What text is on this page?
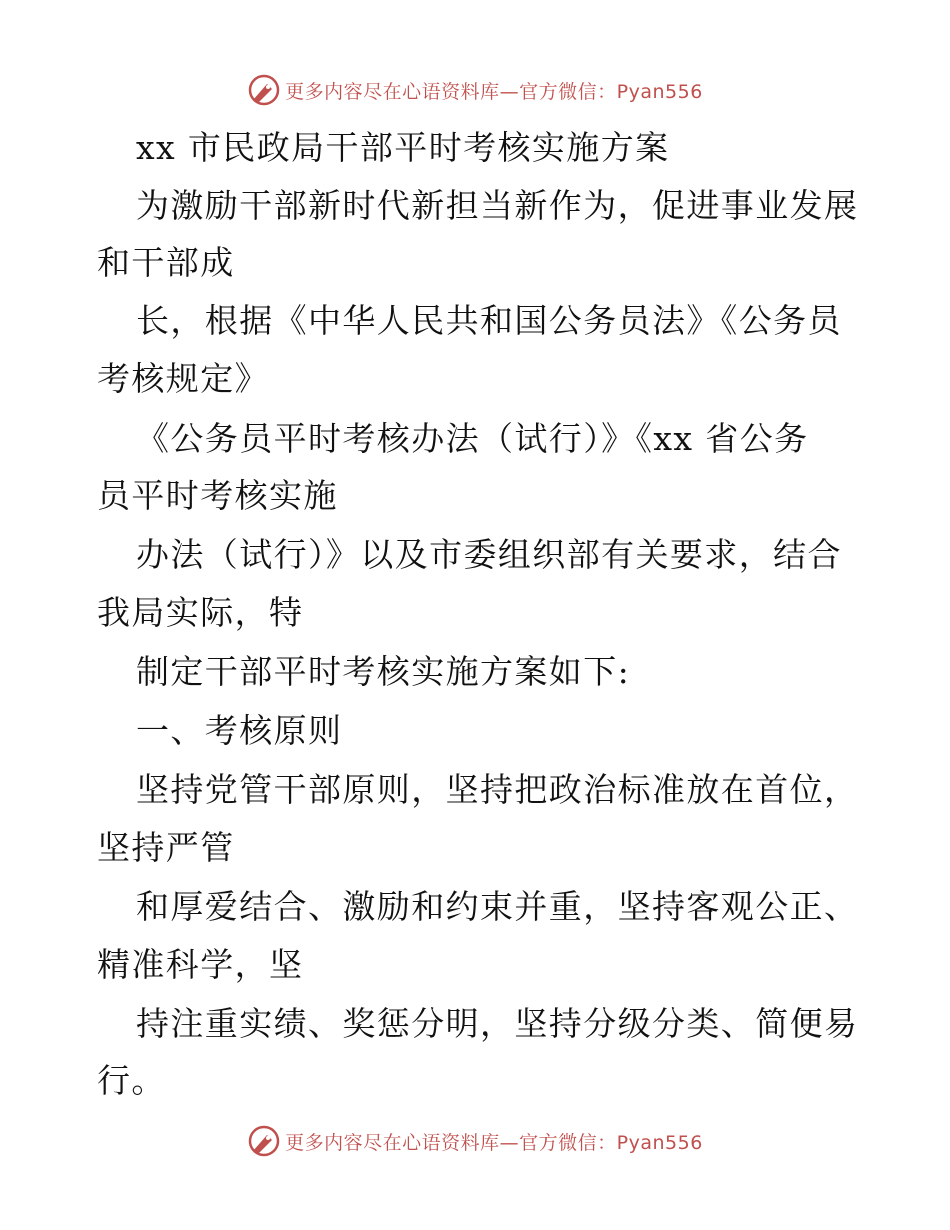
更多内容尽在心语资料库—官方微信：Pyan556
xx 市民政局干部平时考核实施方案
为激励干部新时代新担当新作为，促进事业发展
和干部成
长，根据《中华人民共和国公务员法》《公务员
考核规定》
《公务员平时考核办法（试行）》《xx 省公务
员平时考核实施
办法（试行）》以及市委组织部有关要求，结合
我局实际，特
制定干部平时考核实施方案如下:
一、考核原则
坚持党管干部原则，坚持把政治标准放在首位，
坚持严管
和厚爱结合、激励和约束并重，坚持客观公正、
精准科学，坚
持注重实绩、奖惩分明，坚持分级分类、简便易
行。
更多内容尽在心语资料库—官方微信：Pyan556
